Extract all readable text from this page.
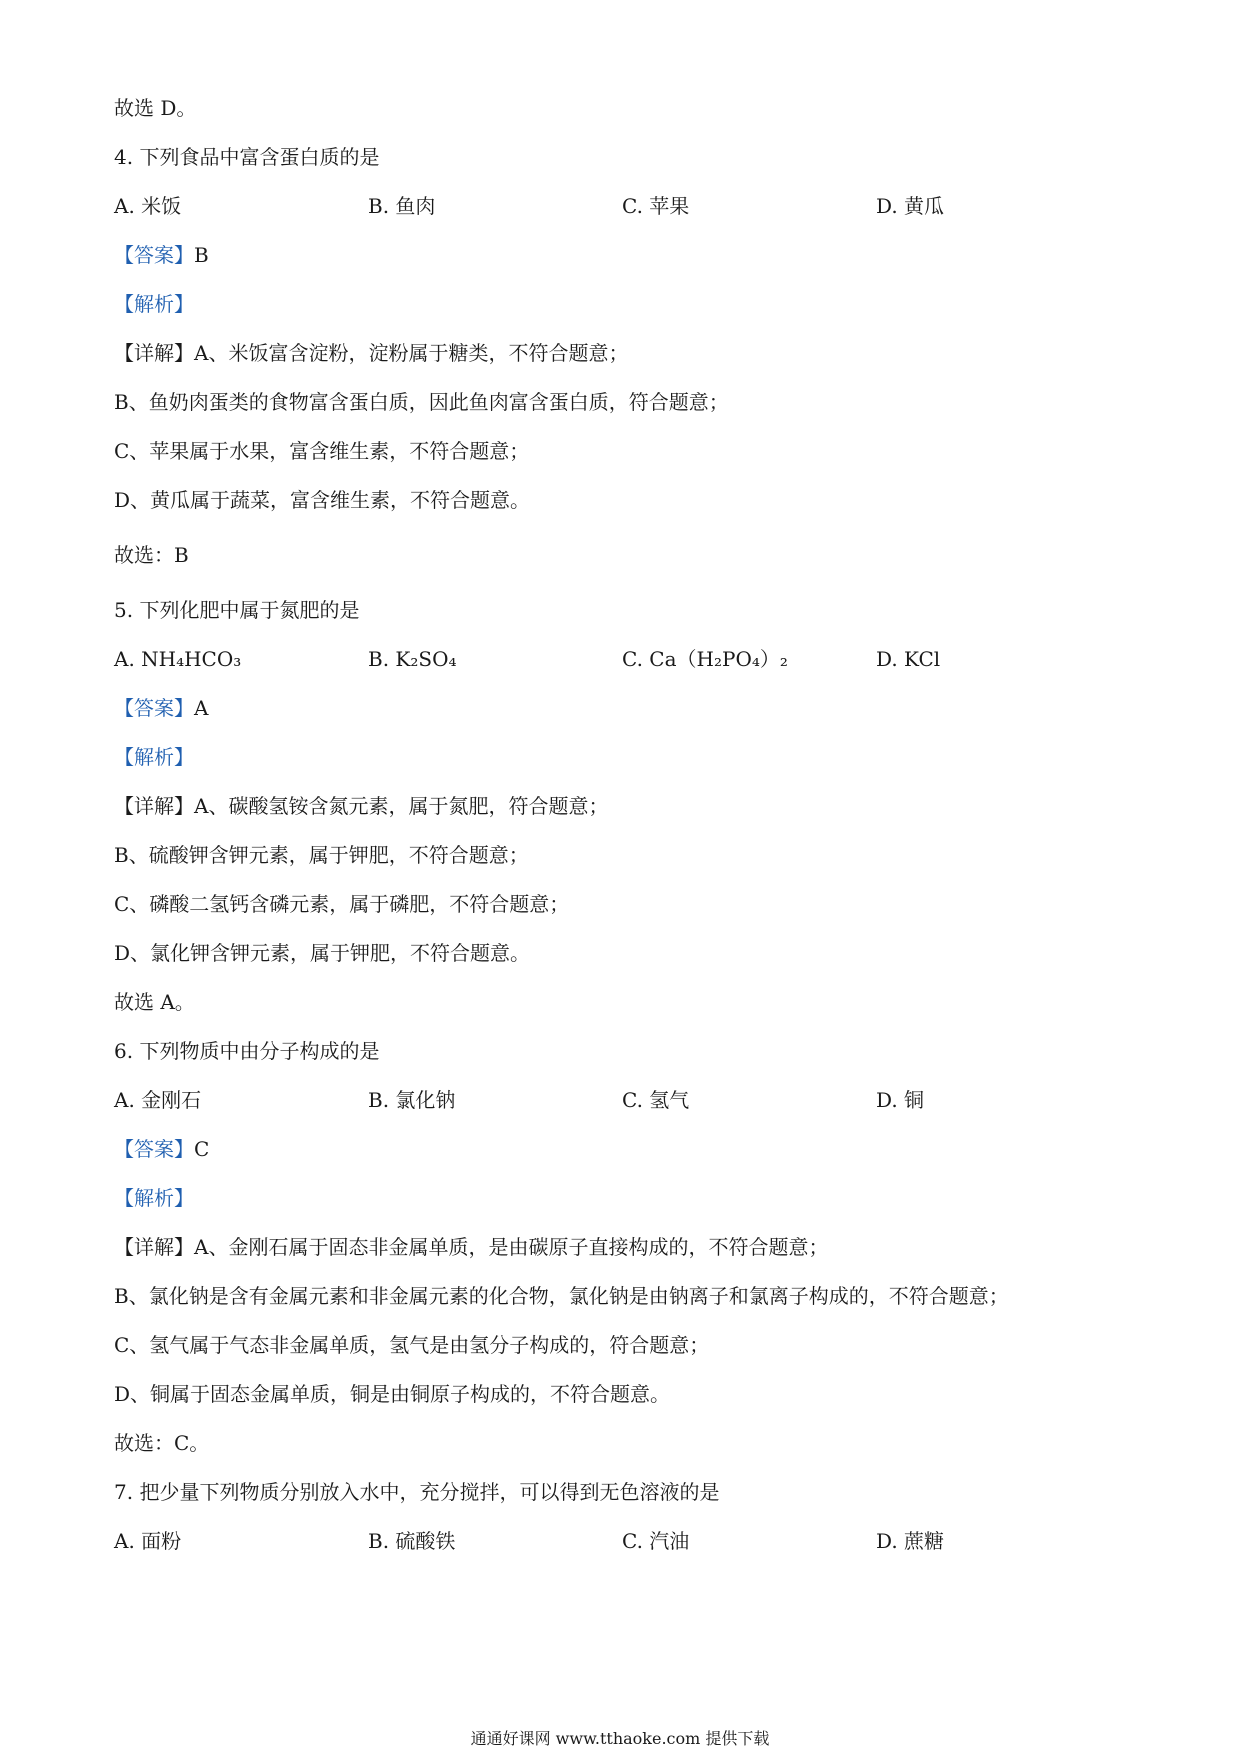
故选 D。
4. 下列食品中富含蛋白质的是
A. 米饭	B. 鱼肉	C. 苹果	D. 黄瓜
【答案】B
【解析】
【详解】A、米饭富含淀粉，淀粉属于糖类，不符合题意；
B、鱼奶肉蛋类的食物富含蛋白质，因此鱼肉富含蛋白质，符合题意；
C、苹果属于水果，富含维生素，不符合题意；
D、黄瓜属于蔬菜，富含维生素，不符合题意。
故选：B
5. 下列化肥中属于氮肥的是
A. NH₄HCO₃	B. K₂SO₄	C. Ca（H₂PO₄）₂	D. KCl
【答案】A
【解析】
【详解】A、碳酸氢铵含氮元素，属于氮肥，符合题意；
B、硫酸钾含钾元素，属于钾肥，不符合题意；
C、磷酸二氢钙含磷元素，属于磷肥，不符合题意；
D、氯化钾含钾元素，属于钾肥，不符合题意。
故选 A。
6. 下列物质中由分子构成的是
A. 金刚石	B. 氯化钠	C. 氢气	D. 铜
【答案】C
【解析】
【详解】A、金刚石属于固态非金属单质，是由碳原子直接构成的，不符合题意；
B、氯化钠是含有金属元素和非金属元素的化合物，氯化钠是由钠离子和氯离子构成的，不符合题意；
C、氢气属于气态非金属单质，氢气是由氢分子构成的，符合题意；
D、铜属于固态金属单质，铜是由铜原子构成的，不符合题意。
故选：C。
7. 把少量下列物质分别放入水中，充分搅拌，可以得到无色溶液的是
A. 面粉	B. 硫酸铁	C. 汽油	D. 蔗糖
通通好课网 www.tthaoke.com 提供下载
